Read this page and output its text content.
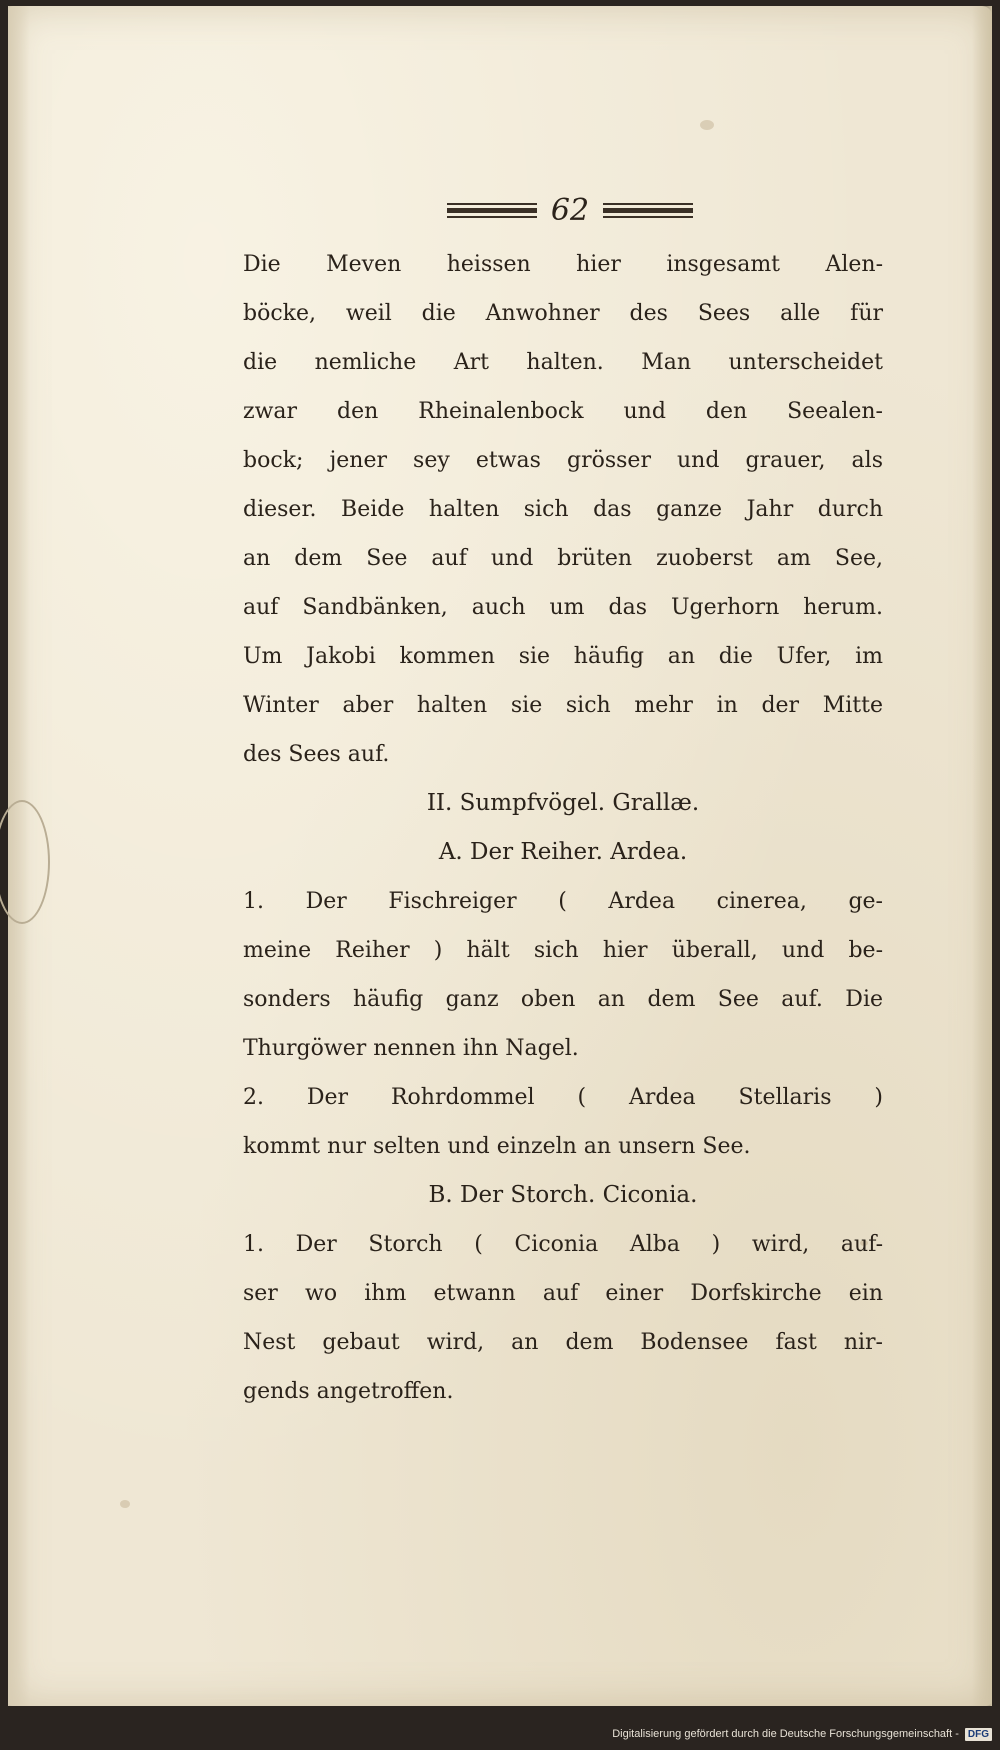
62
Die Meven heissen hier insgesamt Alen-
böcke, weil die Anwohner des Sees alle für
die nemliche Art halten. Man unterscheidet
zwar den Rheinalenbock und den Seealen-
bock; jener sey etwas grösser und grauer, als
dieser. Beide halten sich das ganze Jahr durch
an dem See auf und brüten zuoberst am See,
auf Sandbänken, auch um das Ugerhorn herum.
Um Jakobi kommen sie häufig an die Ufer, im
Winter aber halten sie sich mehr in der Mitte
des Sees auf.
II. Sumpfvögel. Grallæ.
A. Der Reiher. Ardea.
1. Der Fischreiger ( Ardea cinerea, ge-
meine Reiher ) hält sich hier überall, und be-
sonders häufig ganz oben an dem See auf. Die
Thurgöwer nennen ihn Nagel.
2. Der Rohrdommel ( Ardea Stellaris )
kommt nur selten und einzeln an unsern See.
B. Der Storch. Ciconia.
1. Der Storch ( Ciconia Alba ) wird, auf-
ser wo ihm etwann auf einer Dorfskirche ein
Nest gebaut wird, an dem Bodensee fast nir-
gends angetroffen.
Digitalisierung gefördert durch die Deutsche Forschungsgemeinschaft - DFG
